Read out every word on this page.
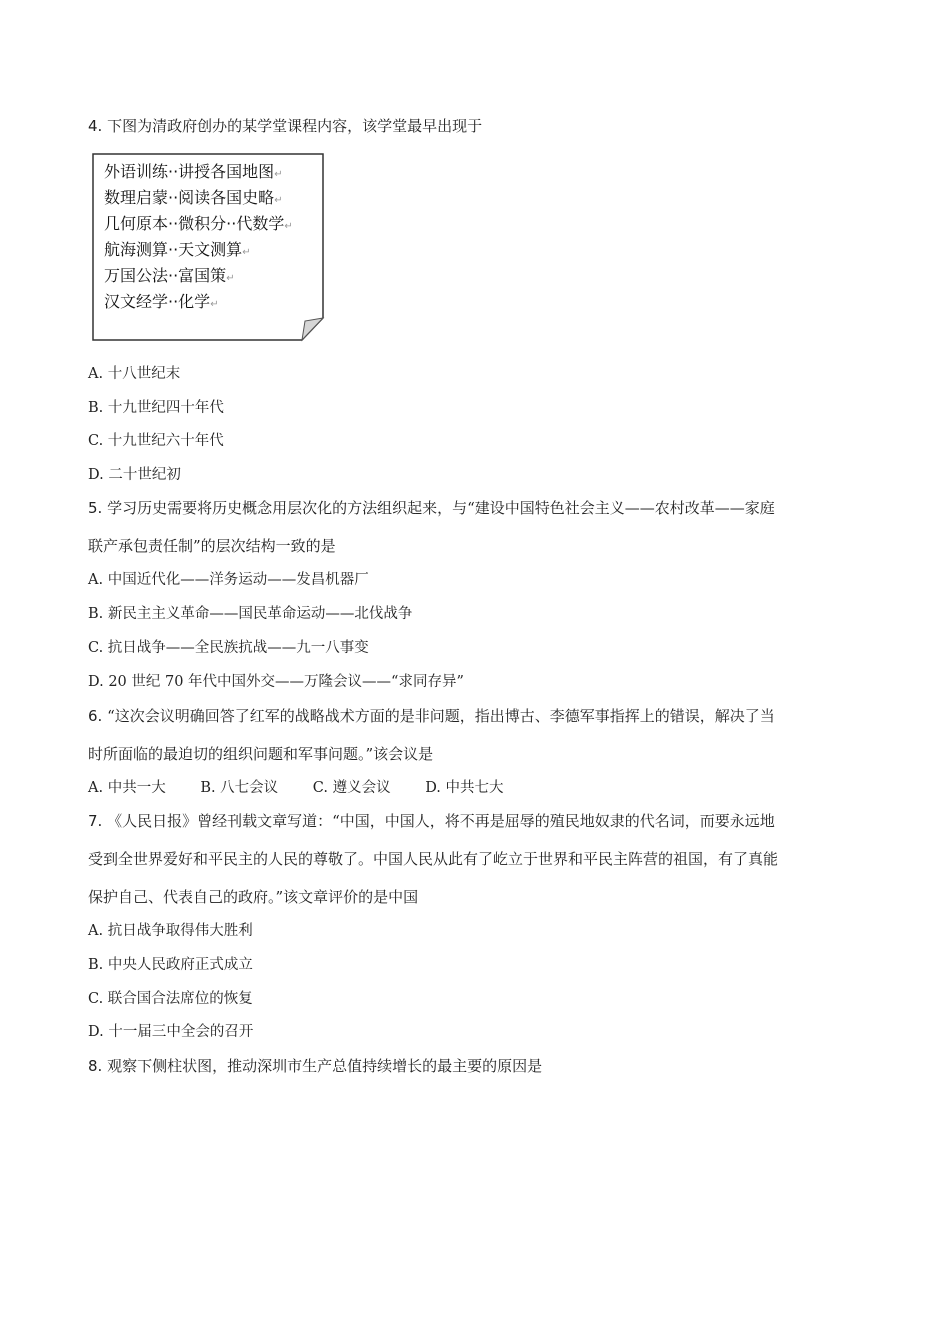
4. 下图为清政府创办的某学堂课程内容，该学堂最早出现于
外语训练··讲授各国地图↵
数理启蒙··阅读各国史略↵
几何原本··微积分··代数学↵
航海测算··天文测算↵
万国公法··富国策↵
汉文经学··化学↵
A. 十八世纪末
B. 十九世纪四十年代
C. 十九世纪六十年代
D. 二十世纪初
5. 学习历史需要将历史概念用层次化的方法组织起来，与“建设中国特色社会主义——农村改革——家庭
联产承包责任制”的层次结构一致的是
A. 中国近代化——洋务运动——发昌机器厂
B. 新民主主义革命——国民革命运动——北伐战争
C. 抗日战争——全民族抗战——九一八事变
D. 20 世纪 70 年代中国外交——万隆会议——“求同存异”
6. “这次会议明确回答了红军的战略战术方面的是非问题，指出博古、李德军事指挥上的错误，解决了当
时所面临的最迫切的组织问题和军事问题。”该会议是
A. 中共一大 B. 八七会议 C. 遵义会议 D. 中共七大
7. 《人民日报》曾经刊载文章写道：“中国，中国人，将不再是屈辱的殖民地奴隶的代名词，而要永远地
受到全世界爱好和平民主的人民的尊敬了。中国人民从此有了屹立于世界和平民主阵营的祖国，有了真能
保护自己、代表自己的政府。”该文章评价的是中国
A. 抗日战争取得伟大胜利
B. 中央人民政府正式成立
C. 联合国合法席位的恢复
D. 十一届三中全会的召开
8. 观察下侧柱状图，推动深圳市生产总值持续增长的最主要的原因是
